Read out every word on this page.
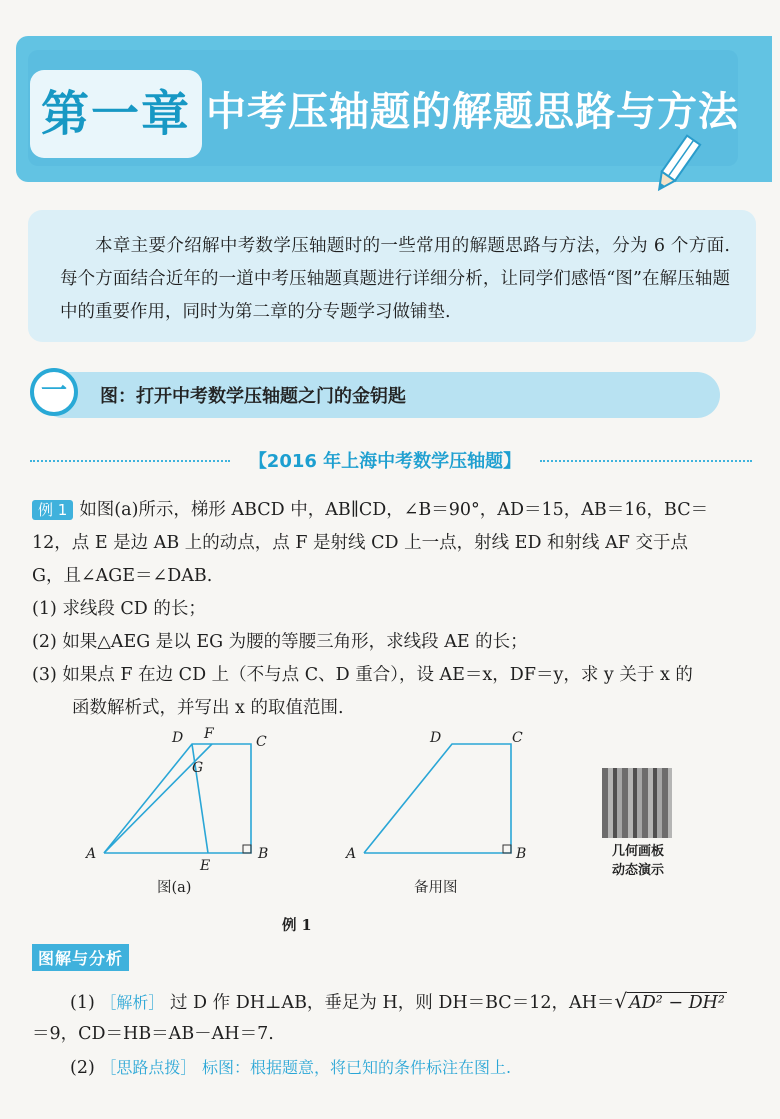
第一章 中考压轴题的解题思路与方法

本章主要介绍解中考数学压轴题时的一些常用的解题思路与方法，分为 6 个方面. 每个方面结合近年的一道中考压轴题真题进行详细分析，让同学们感悟“图”在解压轴题中的重要作用，同时为第二章的分专题学习做铺垫.

一	图：打开中考数学压轴题之门的金钥匙
【2016 年上海中考数学压轴题】
例 1 如图(a)所示，梯形 ABCD 中，AB∥CD，∠B＝90°，AD＝15，AB＝16，BC＝
12，点 E 是边 AB 上的动点，点 F 是射线 CD 上一点，射线 ED 和射线 AF 交于点
G，且∠AGE＝∠DAB.
(1) 求线段 CD 的长；
(2) 如果△AEG 是以 EG 为腰的等腰三角形，求线段 AE 的长；
(3) 如果点 F 在边 CD 上（不与点 C、D 重合），设 AE＝x，DF＝y，求 y 关于 x 的
函数解析式，并写出 x 的取值范围.
D F	C
G
A
E
B
图(a)
D	C
A	B
备用图
例 1
几何画板
动态演示
图解与分析
(1) ［解析］ 过 D 作 DH⊥AB，垂足为 H，则 DH＝BC＝12，AH＝√ AD² − DH²
＝9，CD＝HB＝AB－AH＝7.
(2) ［思路点拨］ 标图：根据题意，将已知的条件标注在图上.
